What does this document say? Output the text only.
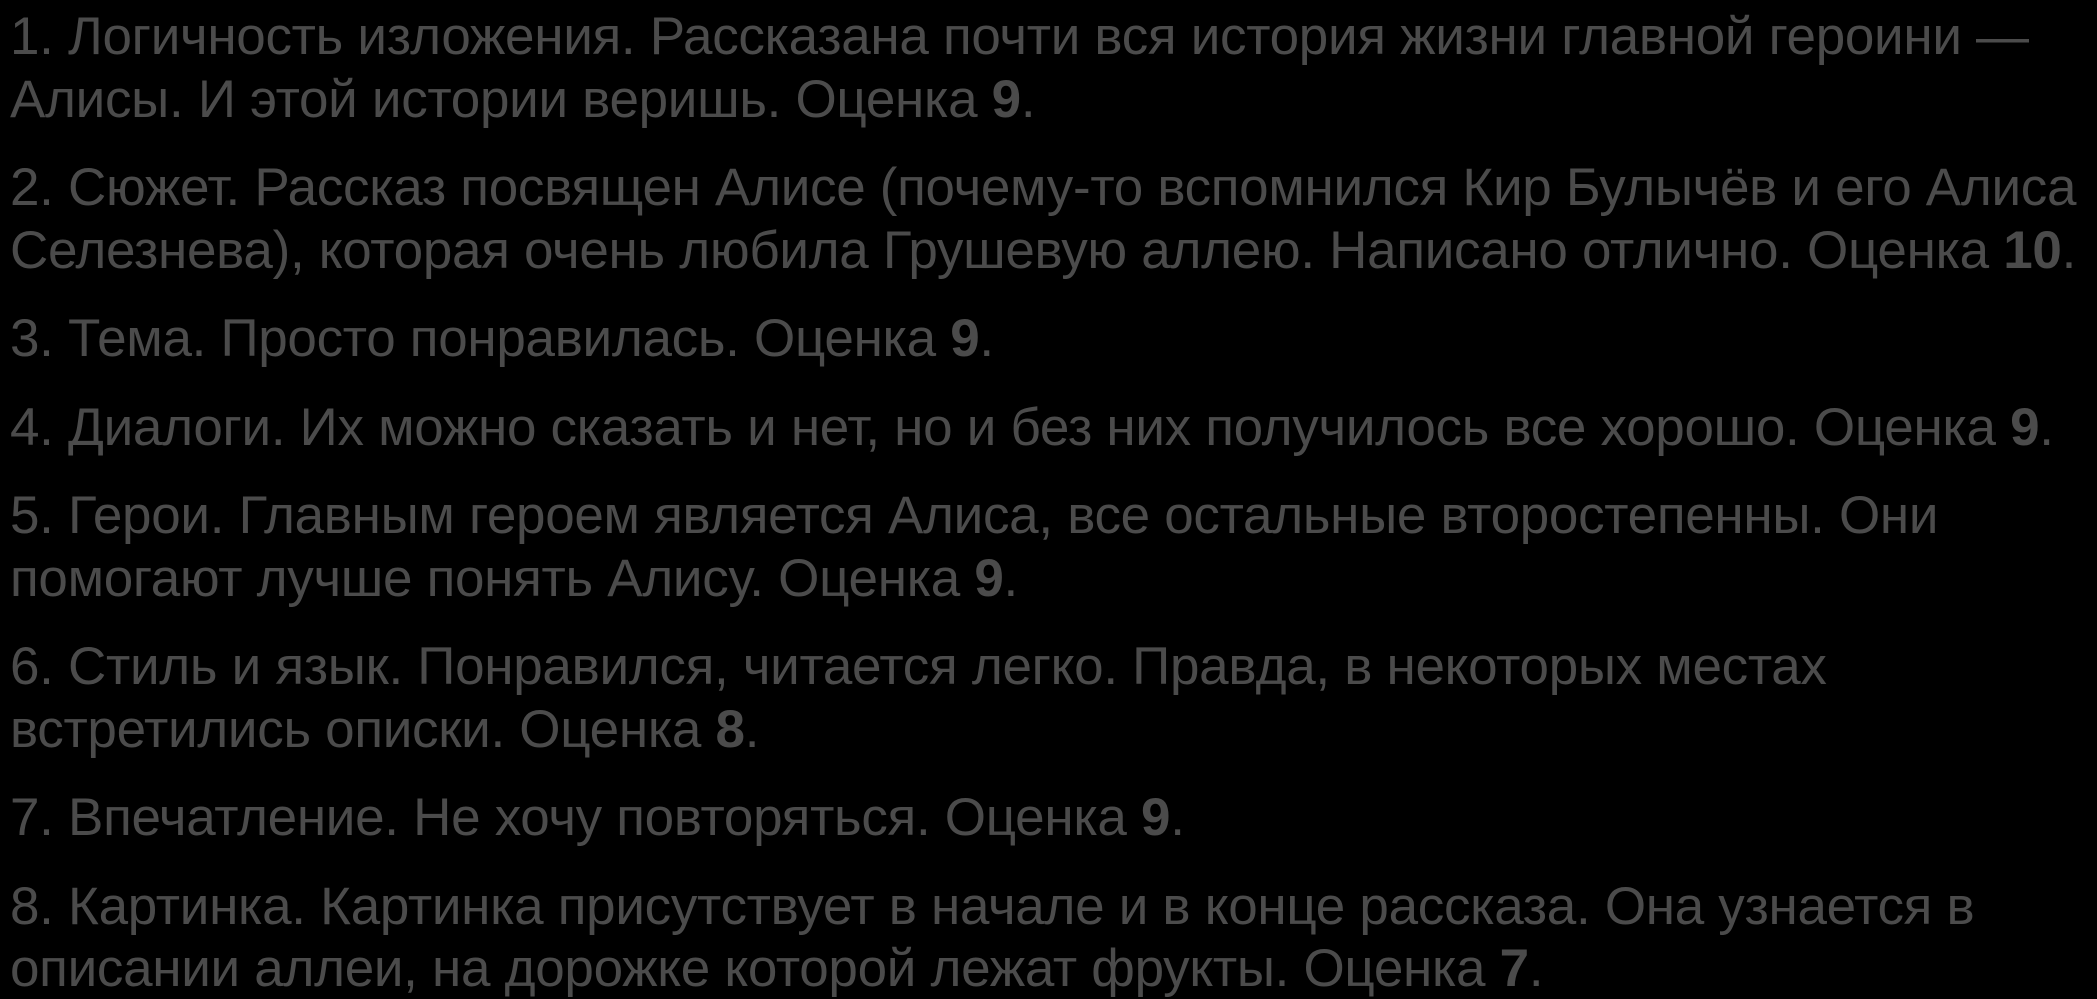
1. Логичность изложения. Рассказана почти вся история жизни главной героини — Алисы. И этой истории веришь. Оценка 9.

2. Сюжет. Рассказ посвящен Алисе (почему-то вспомнился Кир Булычёв и его Алиса Селезнева), которая очень любила Грушевую аллею. Написано отлично. Оценка 10.

3. Тема. Просто понравилась. Оценка 9.

4. Диалоги. Их можно сказать и нет, но и без них получилось все хорошо. Оценка 9.

5. Герои. Главным героем является Алиса, все остальные второстепенны. Они помогают лучше понять Алису. Оценка 9.

6. Стиль и язык. Понравился, читается легко. Правда, в некоторых местах встретились описки. Оценка 8.

7. Впечатление. Не хочу повторяться. Оценка 9.

8. Картинка. Картинка присутствует в начале и в конце рассказа. Она узнается в описании аллеи, на дорожке которой лежат фрукты. Оценка 7.
